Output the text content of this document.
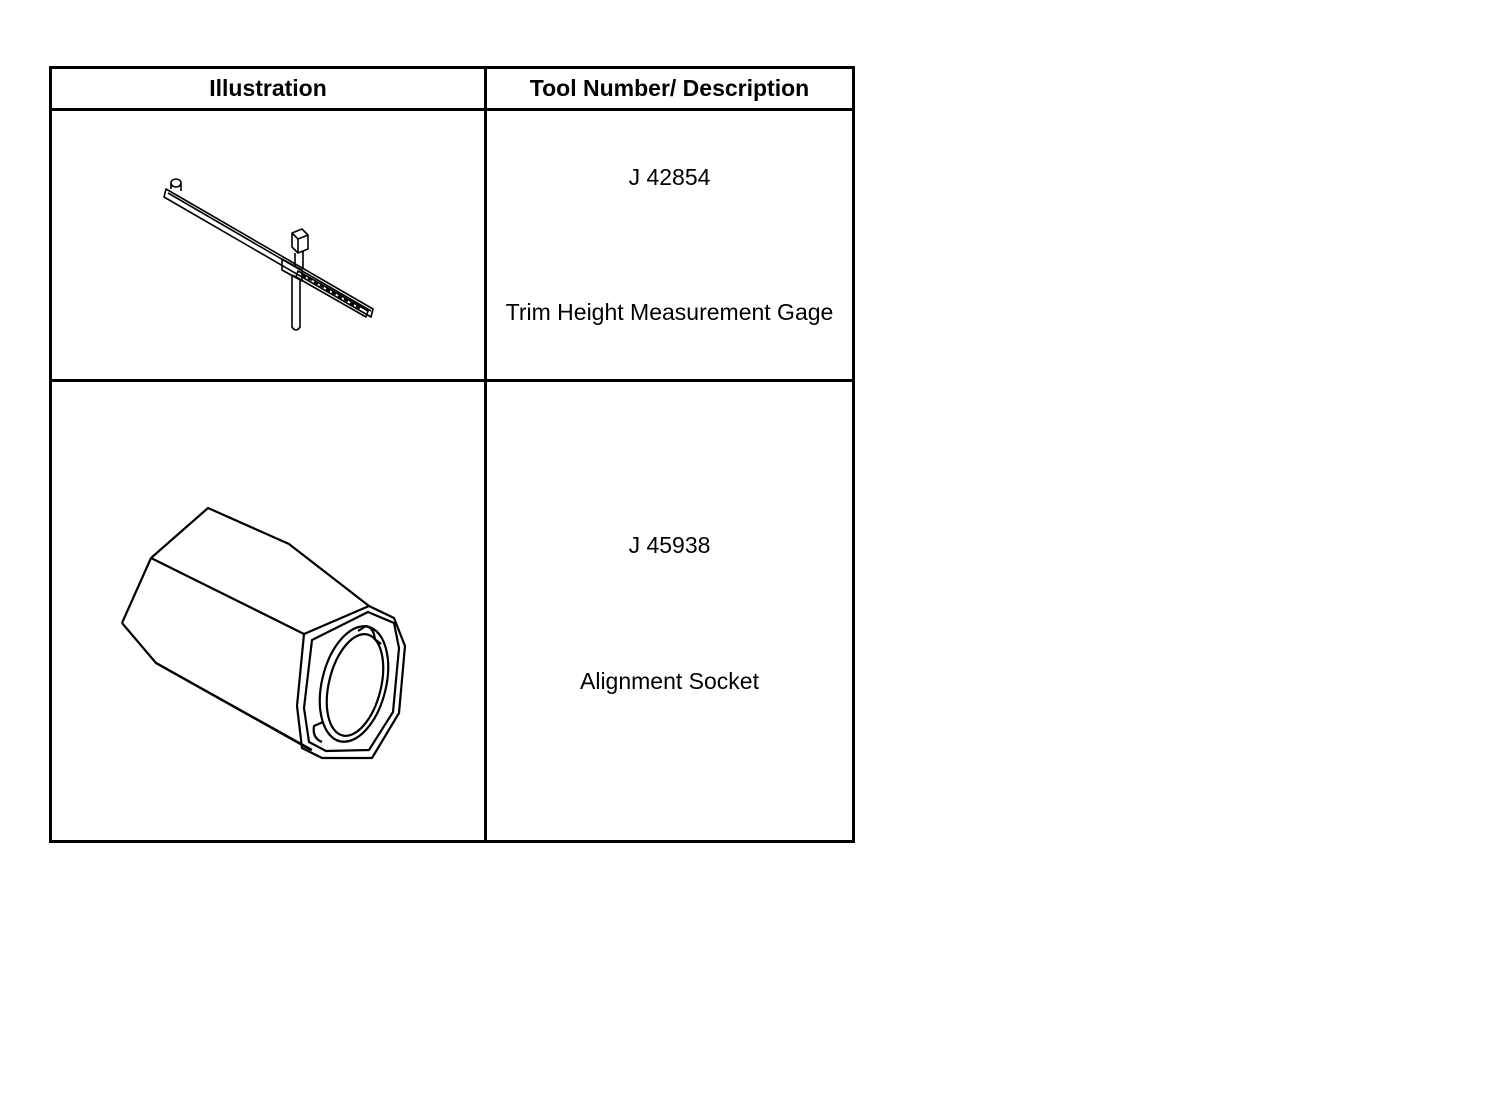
Illustration	Tool Number/ Description
J 42854
Trim Height Measurement Gage
J 45938
Alignment Socket
